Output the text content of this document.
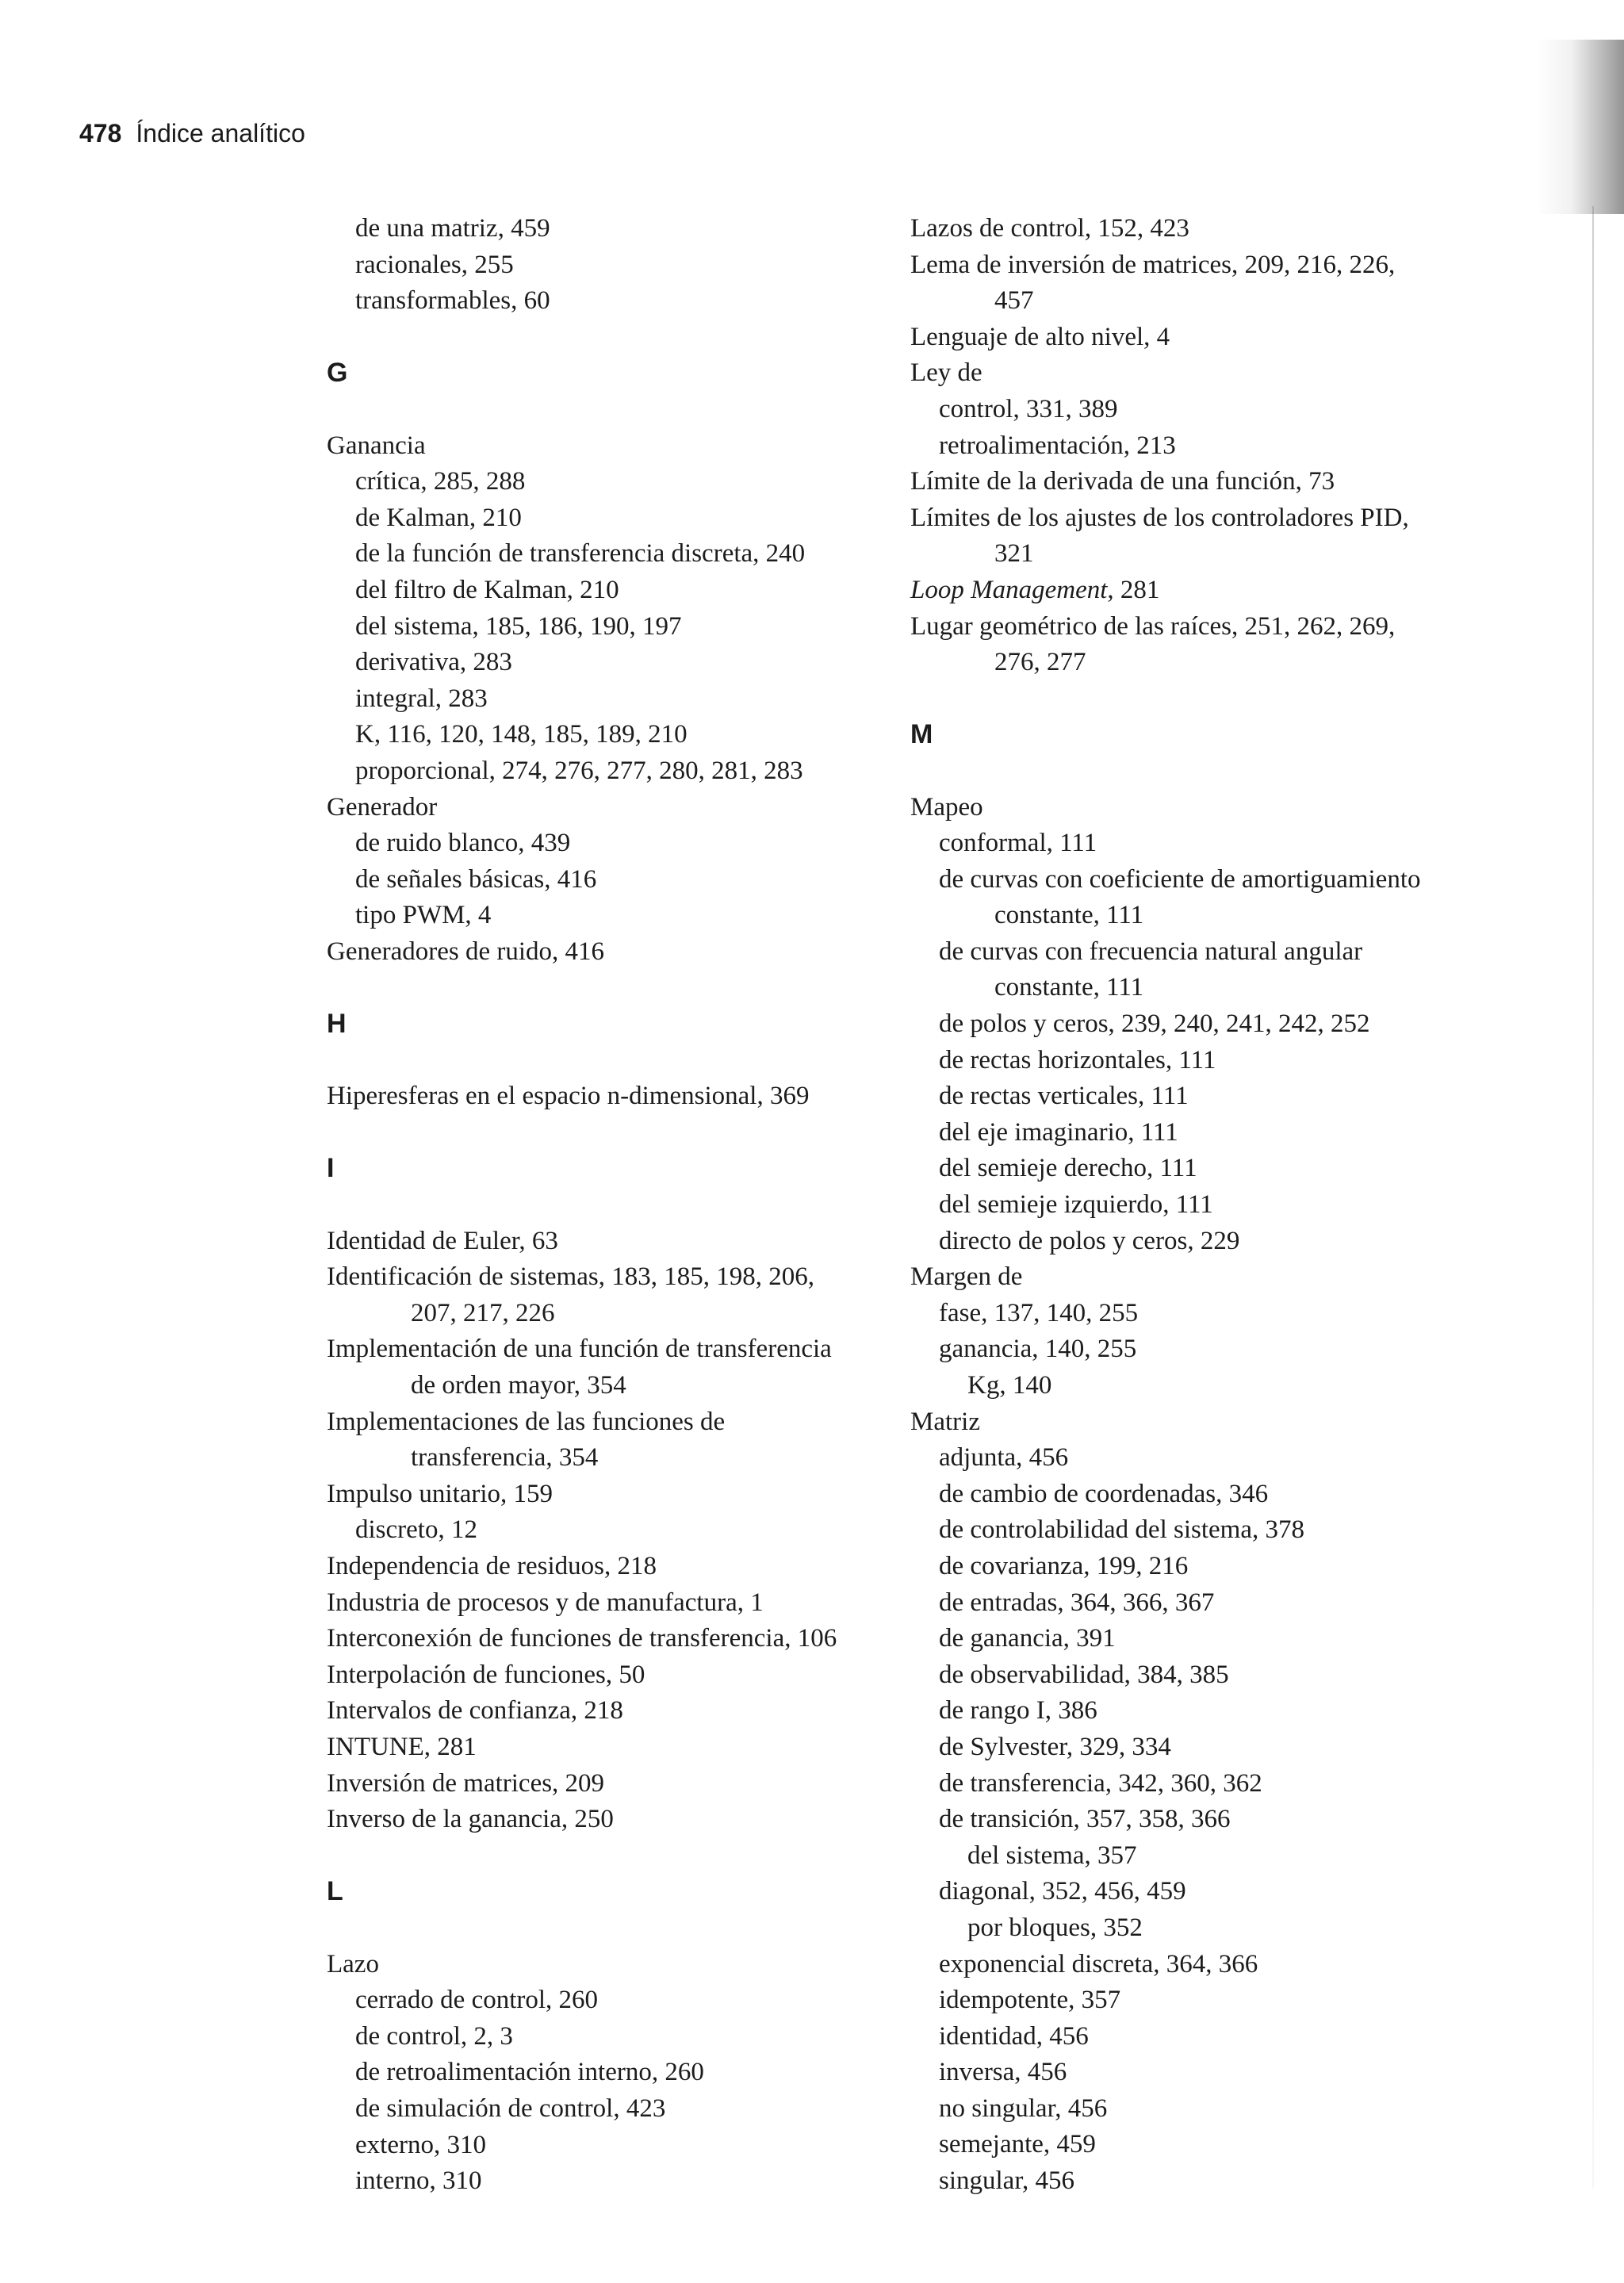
478 Índice analítico
de una matriz, 459
racionales, 255
transformables, 60
G
Ganancia
crítica, 285, 288
de Kalman, 210
de la función de transferencia discreta, 240
del filtro de Kalman, 210
del sistema, 185, 186, 190, 197
derivativa, 283
integral, 283
K, 116, 120, 148, 185, 189, 210
proporcional, 274, 276, 277, 280, 281, 283
Generador
de ruido blanco, 439
de señales básicas, 416
tipo PWM, 4
Generadores de ruido, 416
H
Hiperesferas en el espacio n-dimensional, 369
I
Identidad de Euler, 63
Identificación de sistemas, 183, 185, 198, 206,
207, 217, 226
Implementación de una función de transferencia
de orden mayor, 354
Implementaciones de las funciones de
transferencia, 354
Impulso unitario, 159
discreto, 12
Independencia de residuos, 218
Industria de procesos y de manufactura, 1
Interconexión de funciones de transferencia, 106
Interpolación de funciones, 50
Intervalos de confianza, 218
INTUNE, 281
Inversión de matrices, 209
Inverso de la ganancia, 250
L
Lazo
cerrado de control, 260
de control, 2, 3
de retroalimentación interno, 260
de simulación de control, 423
externo, 310
interno, 310
Lazos de control, 152, 423
Lema de inversión de matrices, 209, 216, 226,
457
Lenguaje de alto nivel, 4
Ley de
control, 331, 389
retroalimentación, 213
Límite de la derivada de una función, 73
Límites de los ajustes de los controladores PID,
321
Loop Management, 281
Lugar geométrico de las raíces, 251, 262, 269,
276, 277
M
Mapeo
conformal, 111
de curvas con coeficiente de amortiguamiento
constante, 111
de curvas con frecuencia natural angular
constante, 111
de polos y ceros, 239, 240, 241, 242, 252
de rectas horizontales, 111
de rectas verticales, 111
del eje imaginario, 111
del semieje derecho, 111
del semieje izquierdo, 111
directo de polos y ceros, 229
Margen de
fase, 137, 140, 255
ganancia, 140, 255
Kg, 140
Matriz
adjunta, 456
de cambio de coordenadas, 346
de controlabilidad del sistema, 378
de covarianza, 199, 216
de entradas, 364, 366, 367
de ganancia, 391
de observabilidad, 384, 385
de rango I, 386
de Sylvester, 329, 334
de transferencia, 342, 360, 362
de transición, 357, 358, 366
del sistema, 357
diagonal, 352, 456, 459
por bloques, 352
exponencial discreta, 364, 366
idempotente, 357
identidad, 456
inversa, 456
no singular, 456
semejante, 459
singular, 456
